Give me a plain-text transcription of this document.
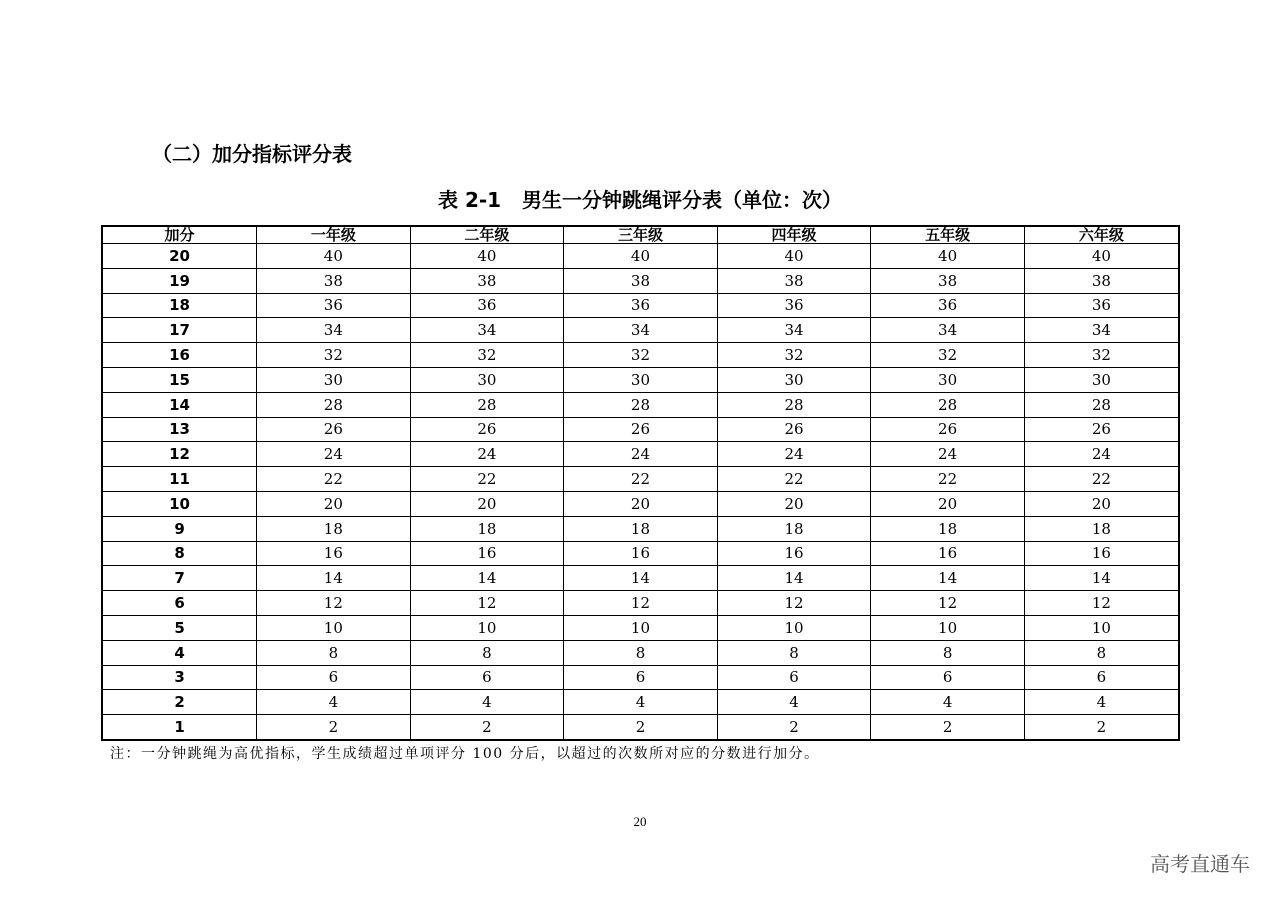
（二）加分指标评分表
表 2-1   男生一分钟跳绳评分表（单位：次）
加分	一年级	二年级	三年级	四年级	五年级	六年级
20	40	40	40	40	40	40
19	38	38	38	38	38	38
18	36	36	36	36	36	36
17	34	34	34	34	34	34
16	32	32	32	32	32	32
15	30	30	30	30	30	30
14	28	28	28	28	28	28
13	26	26	26	26	26	26
12	24	24	24	24	24	24
11	22	22	22	22	22	22
10	20	20	20	20	20	20
9	18	18	18	18	18	18
8	16	16	16	16	16	16
7	14	14	14	14	14	14
6	12	12	12	12	12	12
5	10	10	10	10	10	10
4	8	8	8	8	8	8
3	6	6	6	6	6	6
2	4	4	4	4	4	4
1	2	2	2	2	2	2

注：一分钟跳绳为高优指标，学生成绩超过单项评分 100 分后，以超过的次数所对应的分数进行加分。

20

高考直通车
